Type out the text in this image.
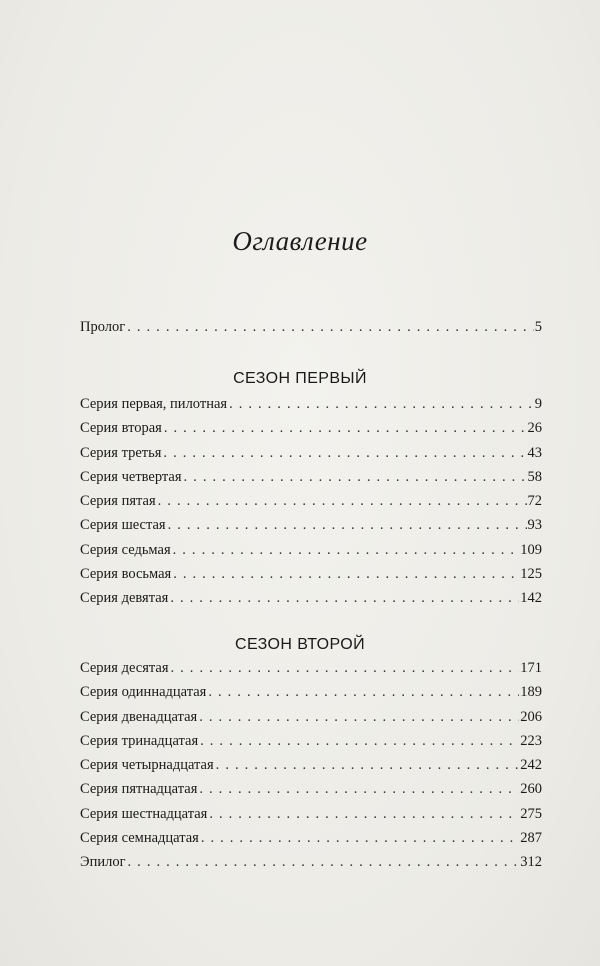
Оглавление
Пролог . . .	5
СЕЗОН ПЕРВЫЙ
Серия первая, пилотная . . .	9
Серия вторая . . .	26
Серия третья . . .	43
Серия четвертая . . .	58
Серия пятая . . .	72
Серия шестая . . .	93
Серия седьмая . . .	109
Серия восьмая . . .	125
Серия девятая . . .	142
СЕЗОН ВТОРОЙ
Серия десятая . . .	171
Серия одиннадцатая . . .	189
Серия двенадцатая . . .	206
Серия тринадцатая . . .	223
Серия четырнадцатая . . .	242
Серия пятнадцатая . . .	260
Серия шестнадцатая . . .	275
Серия семнадцатая . . .	287
Эпилог . . .	312
